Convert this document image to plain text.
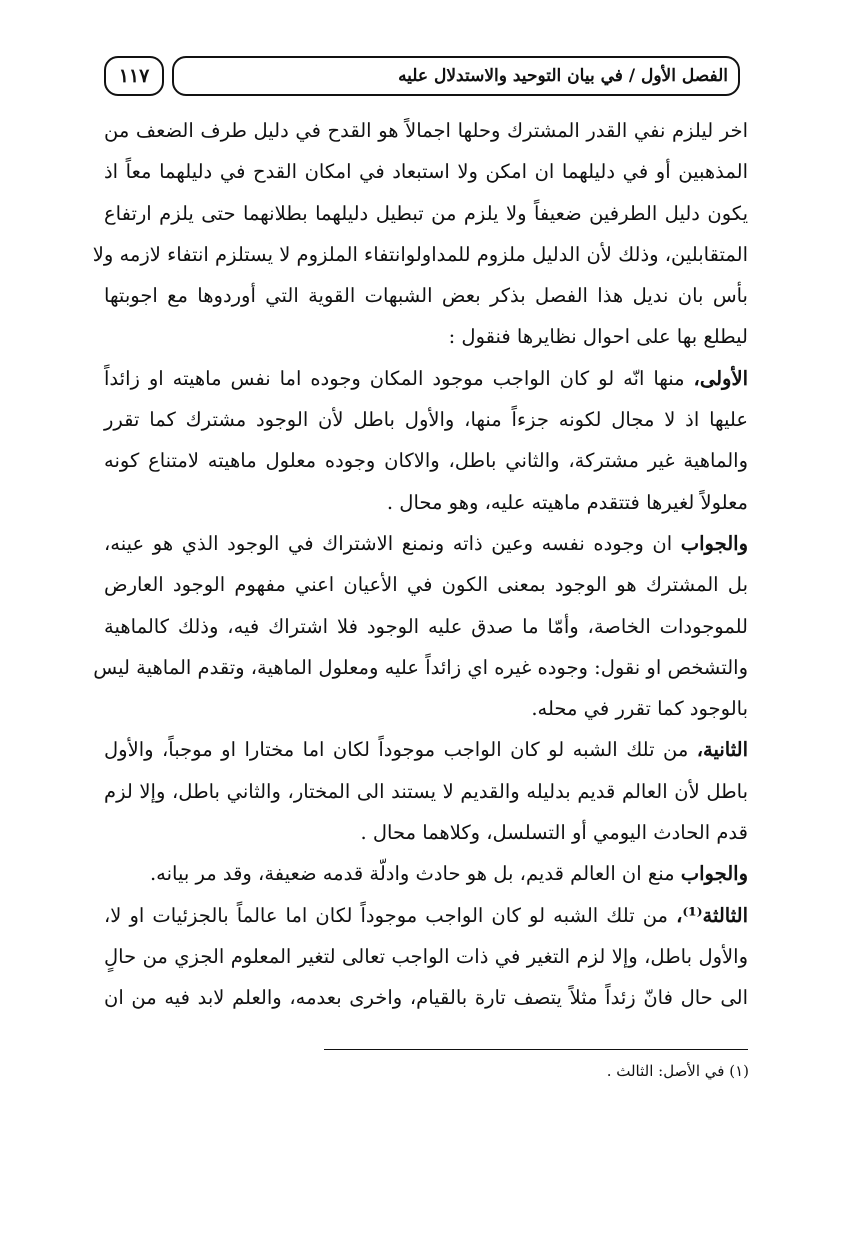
الفصل الأول / في بيان التوحيد والاستدلال عليه
١١٧

اخر ليلزم نفي القدر المشترك وحلها اجمالاً هو القدح في دليل طرف الضعف من
المذهبين أو في دليلهما ان امكن ولا استبعاد في امكان القدح في دليلهما معاً اذ
يكون دليل الطرفين ضعيفاً ولا يلزم من تبطيل دليلهما بطلانهما حتى يلزم ارتفاع
المتقابلين، وذلك لأن الدليل ملزوم للمداولوانتفاء الملزوم لا يستلزم انتفاء لازمه ولا
بأس بان نديل هذا الفصل بذكر بعض الشبهات القوية التي أوردوها مع اجوبتها
ليطلع بها على احوال نظايرها فنقول :

الأولى، منها انّه لو كان الواجب موجود المكان وجوده اما نفس ماهيته او زائداً
عليها اذ لا مجال لكونه جزءاً منها، والأول باطل لأن الوجود مشترك كما تقرر
والماهية غير مشتركة، والثاني باطل، والاكان وجوده معلول ماهيته لامتناع كونه
معلولاً لغيرها فتتقدم ماهيته عليه، وهو محال .

والجواب ان وجوده نفسه وعين ذاته ونمنع الاشتراك في الوجود الذي هو عينه،
بل المشترك هو الوجود بمعنى الكون في الأعيان اعني مفهوم الوجود العارض
للموجودات الخاصة، وأمّا ما صدق عليه الوجود فلا اشتراك فيه، وذلك كالماهية
والتشخص او نقول: وجوده غيره اي زائداً عليه ومعلول الماهية، وتقدم الماهية ليس
بالوجود كما تقرر في محله.

الثانية، من تلك الشبه لو كان الواجب موجوداً لكان اما مختارا او موجباً، والأول
باطل لأن العالم قديم بدليله والقديم لا يستند الى المختار، والثاني باطل، وإلا لزم
قدم الحادث اليومي أو التسلسل، وكلاهما محال .

والجواب منع ان العالم قديم، بل هو حادث وادلّة قدمه ضعيفة، وقد مر بيانه.

الثالثة⁽¹⁾، من تلك الشبه لو كان الواجب موجوداً لكان اما عالماً بالجزئيات او لا،
والأول باطل، وإلا لزم التغير في ذات الواجب تعالى لتغير المعلوم الجزي من حالٍ
الى حال فانّ زئداً مثلاً يتصف تارة بالقيام، واخرى بعدمه، والعلم لابد فيه من ان

(١) في الأصل: الثالث .
